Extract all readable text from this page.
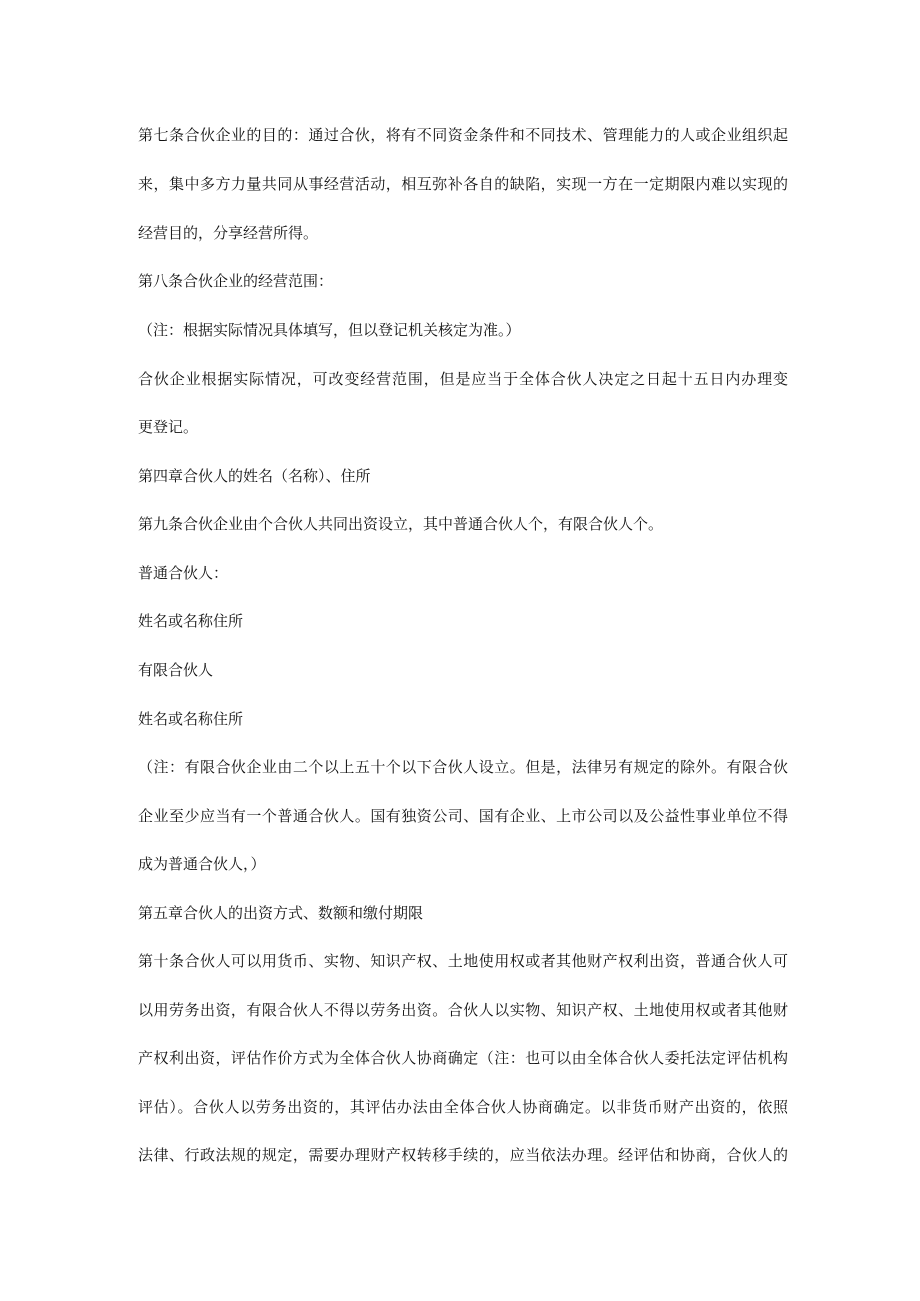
第七条合伙企业的目的：通过合伙，将有不同资金条件和不同技术、管理能力的人或企业组织起
来，集中多方力量共同从事经营活动，相互弥补各自的缺陷，实现一方在一定期限内难以实现的
经营目的，分享经营所得。
第八条合伙企业的经营范围：
（注：根据实际情况具体填写，但以登记机关核定为准。）
合伙企业根据实际情况，可改变经营范围，但是应当于全体合伙人决定之日起十五日内办理变
更登记。
第四章合伙人的姓名（名称）、住所
第九条合伙企业由个合伙人共同出资设立，其中普通合伙人个，有限合伙人个。
普通合伙人：
姓名或名称住所
有限合伙人
姓名或名称住所
（注：有限合伙企业由二个以上五十个以下合伙人设立。但是，法律另有规定的除外。有限合伙
企业至少应当有一个普通合伙人。国有独资公司、国有企业、上市公司以及公益性事业单位不得
成为普通合伙人，）
第五章合伙人的出资方式、数额和缴付期限
第十条合伙人可以用货币、实物、知识产权、土地使用权或者其他财产权利出资，普通合伙人可
以用劳务出资，有限合伙人不得以劳务出资。合伙人以实物、知识产权、土地使用权或者其他财
产权利出资，评估作价方式为全体合伙人协商确定（注：也可以由全体合伙人委托法定评估机构
评估）。合伙人以劳务出资的，其评估办法由全体合伙人协商确定。以非货币财产出资的，依照
法律、行政法规的规定，需要办理财产权转移手续的，应当依法办理。经评估和协商，合伙人的
